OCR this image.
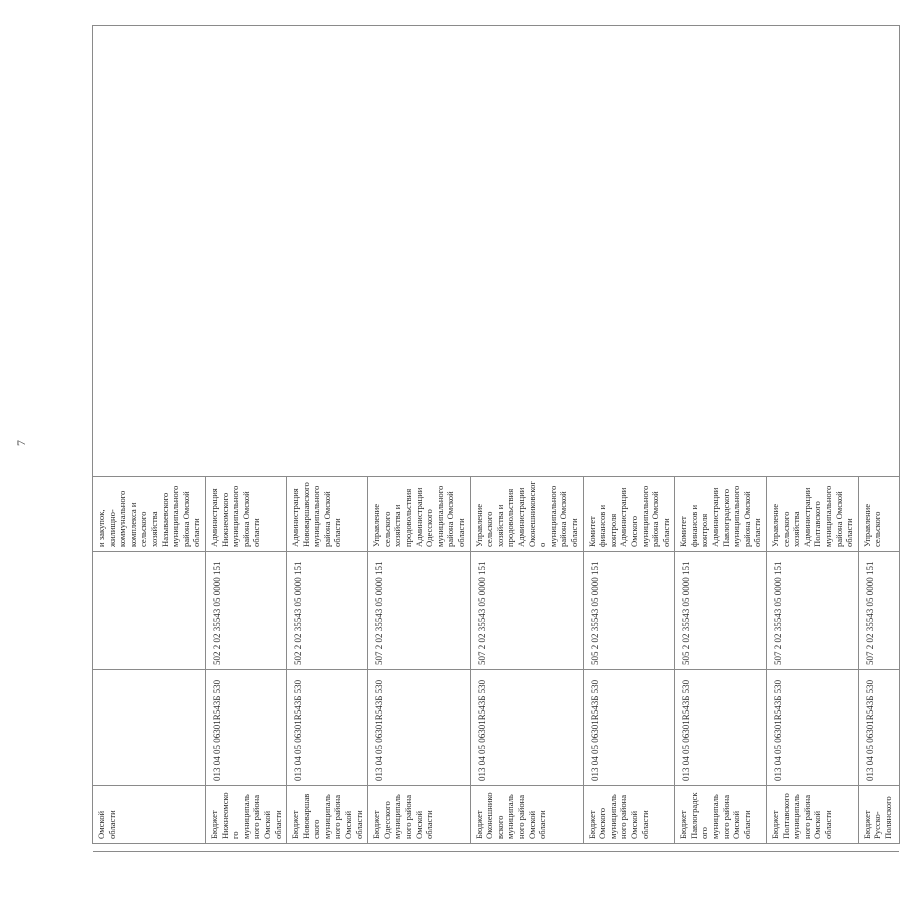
7
	Омской области			и закупок, жилищно-коммунального комплекса и сельского хозяйства Называевского муниципального района Омской области	
	Бюджет Нижнеомского муниципального района Омской области	013 04 05 06301R543Б 530	502 2 02 35543 05 0000 151	Администрация Нижнеомского муниципального района Омской области	
	Бюджет Нововаршавского муниципального района Омской области	013 04 05 06301R543Б 530	502 2 02 35543 05 0000 151	Администрация Нововаршавского муниципального района Омской области	
	Бюджет Одесского муниципального района Омской области	013 04 05 06301R543Б 530	507 2 02 35543 05 0000 151	Управление сельского хозяйства и продовольствия Администрации Одесского муниципального района Омской области	
	Бюджет Оконешниковского муниципального района Омской области	013 04 05 06301R543Б 530	507 2 02 35543 05 0000 151	Управление сельского хозяйства и продовольствия Администрации Оконешниковского муниципального района Омской области	
	Бюджет Омского муниципального района Омской области	013 04 05 06301R543Б 530	505 2 02 35543 05 0000 151	Комитет финансов и контроля Администрации Омского муниципального района Омской области	
	Бюджет Павлоградского муниципального района Омской области	013 04 05 06301R543Б 530	505 2 02 35543 05 0000 151	Комитет финансов и контроля Администрации Павлоградского муниципального района Омской области	
	Бюджет Полтавского муниципального района Омской области	013 04 05 06301R543Б 530	507 2 02 35543 05 0000 151	Управление сельского хозяйства Администрации Полтавского муниципального района Омской области	
	Бюджет Русско-Полянского	013 04 05 06301R543Б 530	507 2 02 35543 05 0000 151	Управление сельского	
